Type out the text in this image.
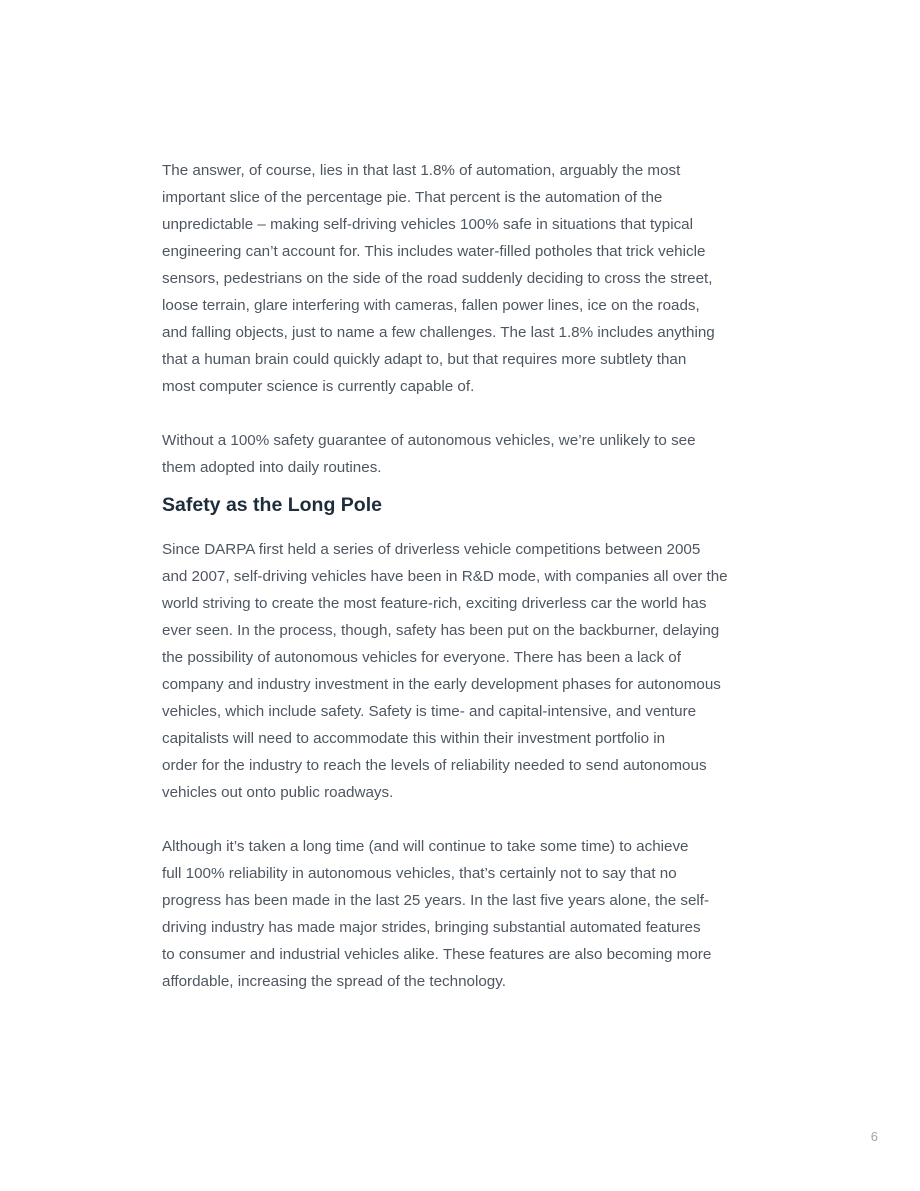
The answer, of course, lies in that last 1.8% of automation, arguably the most
important slice of the percentage pie. That percent is the automation of the
unpredictable – making self-driving vehicles 100% safe in situations that typical
engineering can’t account for. This includes water-filled potholes that trick vehicle
sensors, pedestrians on the side of the road suddenly deciding to cross the street,
loose terrain, glare interfering with cameras, fallen power lines, ice on the roads,
and falling objects, just to name a few challenges. The last 1.8% includes anything
that a human brain could quickly adapt to, but that requires more subtlety than
most computer science is currently capable of.

Without a 100% safety guarantee of autonomous vehicles, we’re unlikely to see
them adopted into daily routines.

Safety as the Long Pole

Since DARPA first held a series of driverless vehicle competitions between 2005
and 2007, self-driving vehicles have been in R&D mode, with companies all over the
world striving to create the most feature-rich, exciting driverless car the world has
ever seen. In the process, though, safety has been put on the backburner, delaying
the possibility of autonomous vehicles for everyone. There has been a lack of
company and industry investment in the early development phases for autonomous
vehicles, which include safety. Safety is time- and capital-intensive, and venture
capitalists will need to accommodate this within their investment portfolio in
order for the industry to reach the levels of reliability needed to send autonomous
vehicles out onto public roadways.

Although it’s taken a long time (and will continue to take some time) to achieve
full 100% reliability in autonomous vehicles, that’s certainly not to say that no
progress has been made in the last 25 years. In the last five years alone, the self-
driving industry has made major strides, bringing substantial automated features
to consumer and industrial vehicles alike. These features are also becoming more
affordable, increasing the spread of the technology.

6
